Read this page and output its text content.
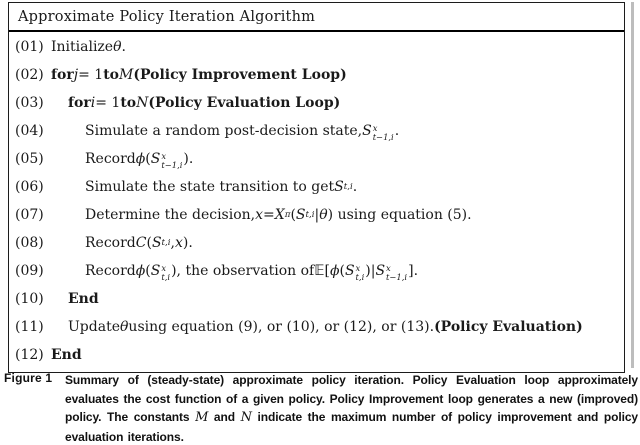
Approximate Policy Iteration Algorithm
(01) Initialize θ .
(02) for j = 1 to M (Policy Improvement Loop)
(03)	for i = 1 to N (Policy Evaluation Loop)
(04)	Simulate a random post-decision state, S x
t−1,i .
(05)	Record ϕ ( S x
t−1,i ).
(06)	Simulate the state transition to get S t,i .
(07)	Determine the decision, x = X π ( S t,i | θ ) using equation (5).
(08)	Record C ( S t,i , x ).
(09)	Record ϕ ( S x
t,i ), the observation of 𝔼 [ ϕ ( S x
t,i )| S x
t−1,i ].
(10)	End
(11)	Update θ using equation (9), or (10), or (12), or (13). (Policy Evaluation)
(12) End
Figure 1	Summary of (steady-state) approximate policy iteration. Policy Evaluation loop approximately evaluates the cost function of a given policy. Policy Improvement loop generates a new (improved) policy. The constants M and N indicate the maximum number of policy improvement and policy evaluation iterations.
